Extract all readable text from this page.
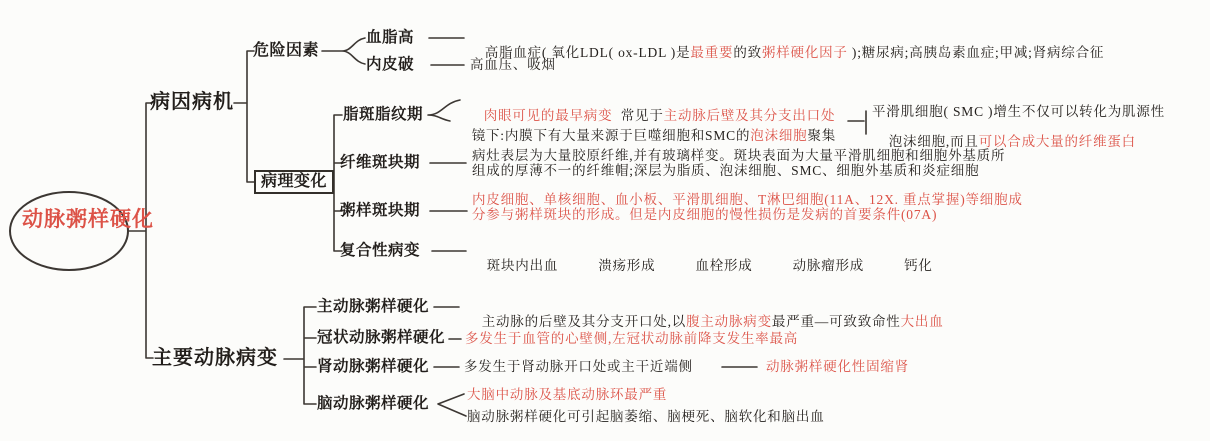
动脉粥样硬化
病因病机
危险因素
血脂高

高脂血症( 氧化LDL( ox-LDL )是最重要的致粥样硬化因子 );糖尿病;高胰岛素血症;甲减;肾病综合征

内皮破	高血压、吸烟
病理变化
脂斑脂纹期	肉眼可见的最早病变  常见于主动脉后壁及其分支出口处

镜下:内膜下有大量来源于巨噬细胞和SMC的泡沫细胞聚集

平滑肌细胞( SMC )增生不仅可以转化为肌源性

泡沫细胞,而且可以合成大量的纤维蛋白

纤维斑块期	病灶表层为大量胶原纤维,并有玻璃样变。斑块表面为大量平滑肌细胞和细胞外基质所
组成的厚薄不一的纤维帽;深层为脂质、泡沫细胞、SMC、细胞外基质和炎症细胞
粥样斑块期
内皮细胞、单核细胞、血小板、平滑肌细胞、T淋巴细胞(11A、12X. 重点掌握)等细胞成
分参与粥样斑块的形成。但是内皮细胞的慢性损伤是发病的首要条件(07A)
复合性病变

斑块内出血	溃疡形成	血栓形成	动脉瘤形成	钙化

主要动脉病变
主动脉粥样硬化

主动脉的后壁及其分支开口处,以腹主动脉病变最严重—可致致命性大出血

冠状动脉粥样硬化 多发生于血管的心壁侧,左冠状动脉前降支发生率最高
肾动脉粥样硬化	多发生于肾动脉开口处或主干近端侧	动脉粥样硬化性固缩肾
脑动脉粥样硬化
大脑中动脉及基底动脉环最严重
脑动脉粥样硬化可引起脑萎缩、脑梗死、脑软化和脑出血
